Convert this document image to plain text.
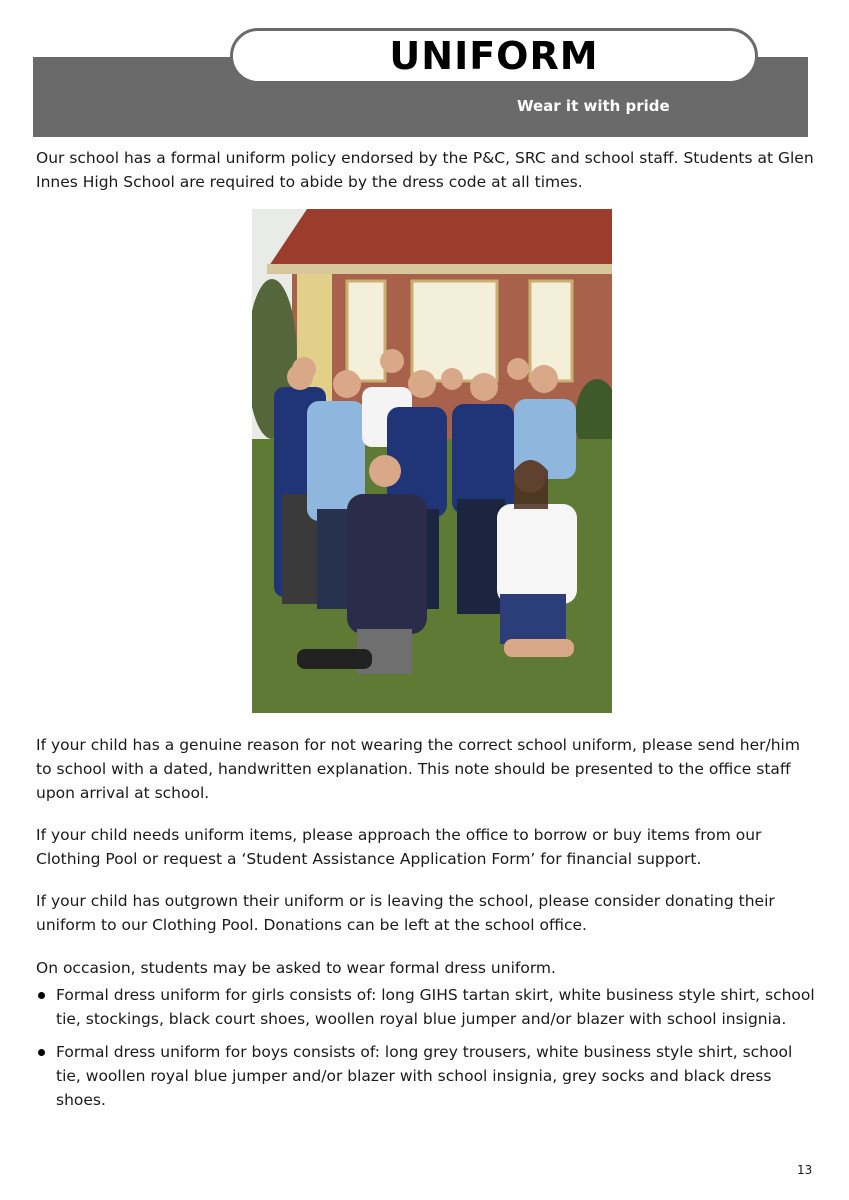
UNIFORM
Wear it with pride

Our school has a formal uniform policy endorsed by the P&C, SRC and school staff. Students at Glen Innes High School are required to abide by the dress code at all times.

If your child has a genuine reason for not wearing the correct school uniform, please send her/him to school with a dated, handwritten explanation. This note should be presented to the office staff upon arrival at school.

If your child needs uniform items, please approach the office to borrow or buy items from our Clothing Pool or request a ‘Student Assistance Application Form’ for financial support.

If your child has outgrown their uniform or is leaving the school, please consider donating their uniform to our Clothing Pool. Donations can be left at the school office.

On occasion, students may be asked to wear formal dress uniform.

Formal dress uniform for girls consists of: long GIHS tartan skirt, white business style shirt, school tie, stockings, black court shoes, woollen royal blue jumper and/or blazer with school insignia.
Formal dress uniform for boys consists of: long grey trousers, white business style shirt, school tie, woollen royal blue jumper and/or blazer with school insignia, grey socks and black dress shoes.
13
